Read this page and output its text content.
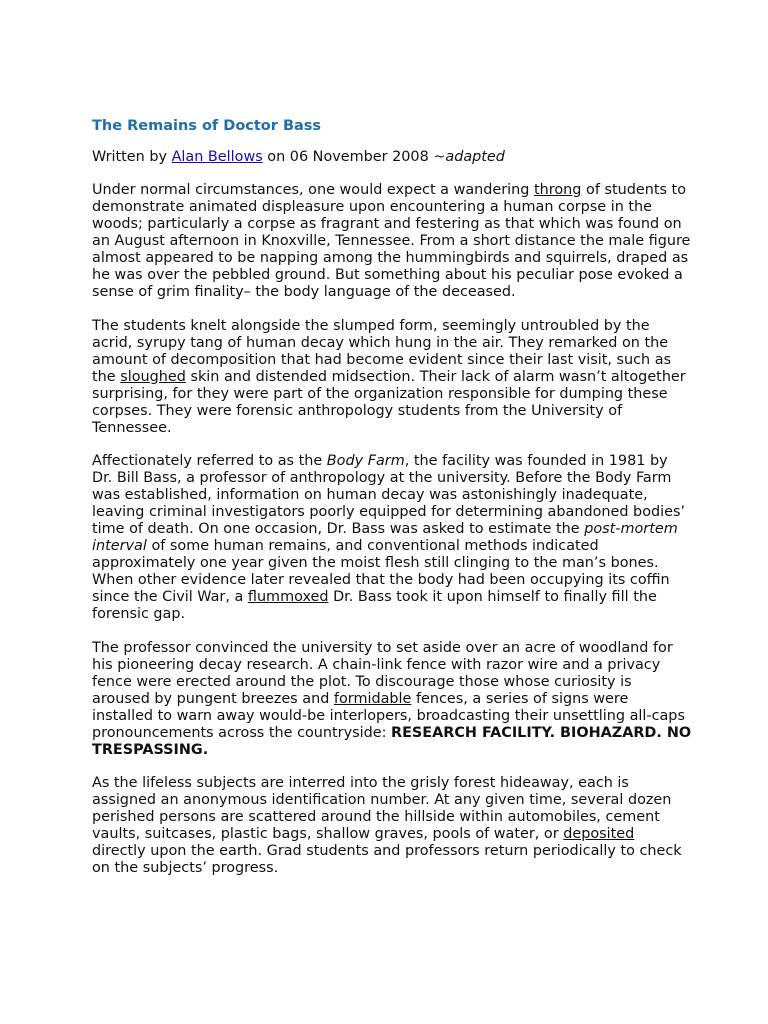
The Remains of Doctor Bass

Written by Alan Bellows on 06 November 2008 ~adapted

Under normal circumstances, one would expect a wandering throng of students to demonstrate animated displeasure upon encountering a human corpse in the woods; particularly a corpse as fragrant and festering as that which was found on an August afternoon in Knoxville, Tennessee. From a short distance the male figure almost appeared to be napping among the hummingbirds and squirrels, draped as he was over the pebbled ground. But something about his peculiar pose evoked a sense of grim finality– the body language of the deceased.

The students knelt alongside the slumped form, seemingly untroubled by the acrid, syrupy tang of human decay which hung in the air. They remarked on the amount of decomposition that had become evident since their last visit, such as the sloughed skin and distended midsection. Their lack of alarm wasn’t altogether surprising, for they were part of the organization responsible for dumping these corpses. They were forensic anthropology students from the University of Tennessee.

Affectionately referred to as the Body Farm, the facility was founded in 1981 by Dr. Bill Bass, a professor of anthropology at the university. Before the Body Farm was established, information on human decay was astonishingly inadequate, leaving criminal investigators poorly equipped for determining abandoned bodies’ time of death. On one occasion, Dr. Bass was asked to estimate the post-mortem interval of some human remains, and conventional methods indicated approximately one year given the moist flesh still clinging to the man’s bones. When other evidence later revealed that the body had been occupying its coffin since the Civil War, a flummoxed Dr. Bass took it upon himself to finally fill the forensic gap.

The professor convinced the university to set aside over an acre of woodland for his pioneering decay research. A chain-link fence with razor wire and a privacy fence were erected around the plot. To discourage those whose curiosity is aroused by pungent breezes and formidable fences, a series of signs were installed to warn away would-be interlopers, broadcasting their unsettling all-caps pronouncements across the countryside: RESEARCH FACILITY. BIOHAZARD. NO TRESPASSING.

As the lifeless subjects are interred into the grisly forest hideaway, each is assigned an anonymous identification number. At any given time, several dozen perished persons are scattered around the hillside within automobiles, cement vaults, suitcases, plastic bags, shallow graves, pools of water, or deposited directly upon the earth. Grad students and professors return periodically to check on the subjects’ progress.
